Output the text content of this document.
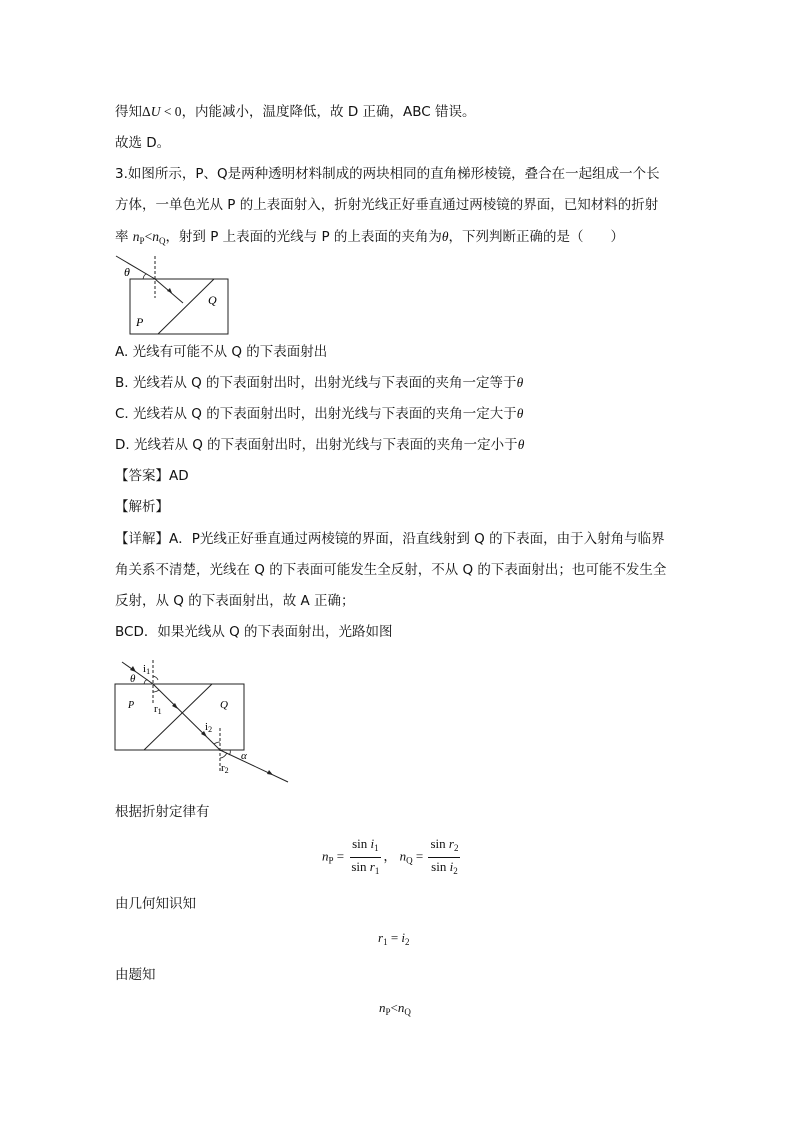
得知ΔU < 0，内能减小，温度降低，故 D 正确，ABC 错误。
故选 D。
3.如图所示，P、Q是两种透明材料制成的两块相同的直角梯形棱镜，叠合在一起组成一个长
方体，一单色光从 P 的上表面射入，折射光线正好垂直通过两棱镜的界面，已知材料的折射
率 $n_P<n_Q$，射到 P 上表面的光线与 P 的上表面的夹角为θ，下列判断正确的是（　　）
θ
P
Q
A. 光线有可能不从 Q 的下表面射出
B. 光线若从 Q 的下表面射出时，出射光线与下表面的夹角一定等于θ
C. 光线若从 Q 的下表面射出时，出射光线与下表面的夹角一定大于θ
D. 光线若从 Q 的下表面射出时，出射光线与下表面的夹角一定小于θ
【答案】AD
【解析】
【详解】A．P光线正好垂直通过两棱镜的界面，沿直线射到 Q 的下表面，由于入射角与临界
角关系不清楚，光线在 Q 的下表面可能发生全反射，不从 Q 的下表面射出；也可能不发生全
反射，从 Q 的下表面射出，故 A 正确；
BCD．如果光线从 Q 的下表面射出，光路如图
i1
θ
P r1
Q
i2
α
r2
根据折射定律有
$n_P = \frac{\sin i_1}{\sin r_1}$ ， $n_Q = \frac{\sin r_2}{\sin i_2}$
由几何知识知
$r_1 = i_2$
由题知
$n_P<n_Q$
